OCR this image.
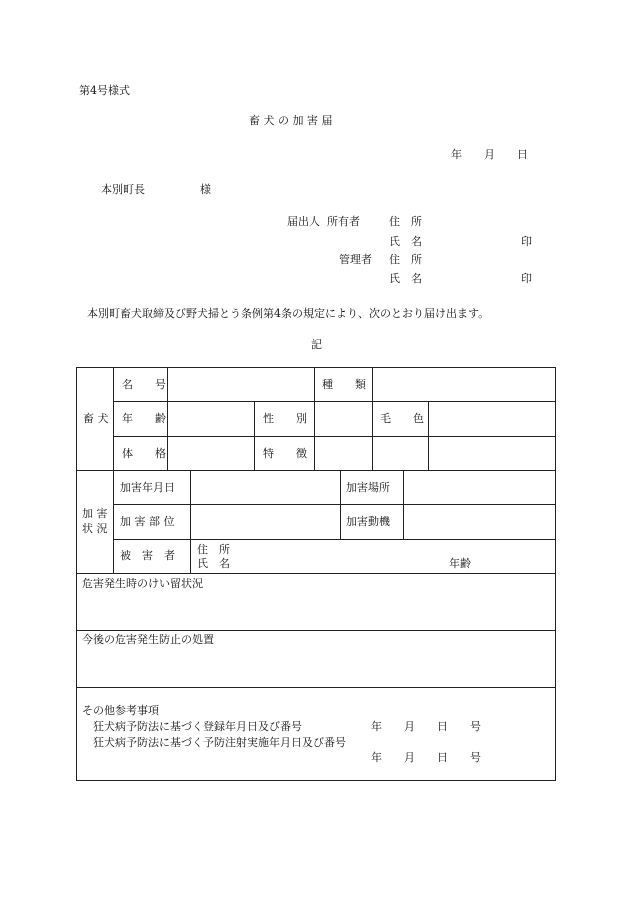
第4号様式
畜 犬 の 加 害 届
年　　月　　日
本別町長　　　　　様
届出人 所有者	住　所
氏　名	印
管理者 住　所
氏　名	印
本別町畜犬取締及び野犬掃とう条例第4条の規定により、次のとおり届け出ます。
記
畜 犬
名　　号	種　　類
年　　齢	性　　別	毛　　色
体　　格	特　　徴
加 害
状 況
加害年月日	加害場所
加 害 部 位	加害動機
被　害　者 住　所
氏　名	年齢
危害発生時のけい留状況
今後の危害発生防止の処置
その他参考事項
狂犬病予防法に基づく登録年月日及び番号	年　　月　　日　　号
狂犬病予防法に基づく予防注射実施年月日及び番号
年　　月　　日　　号
